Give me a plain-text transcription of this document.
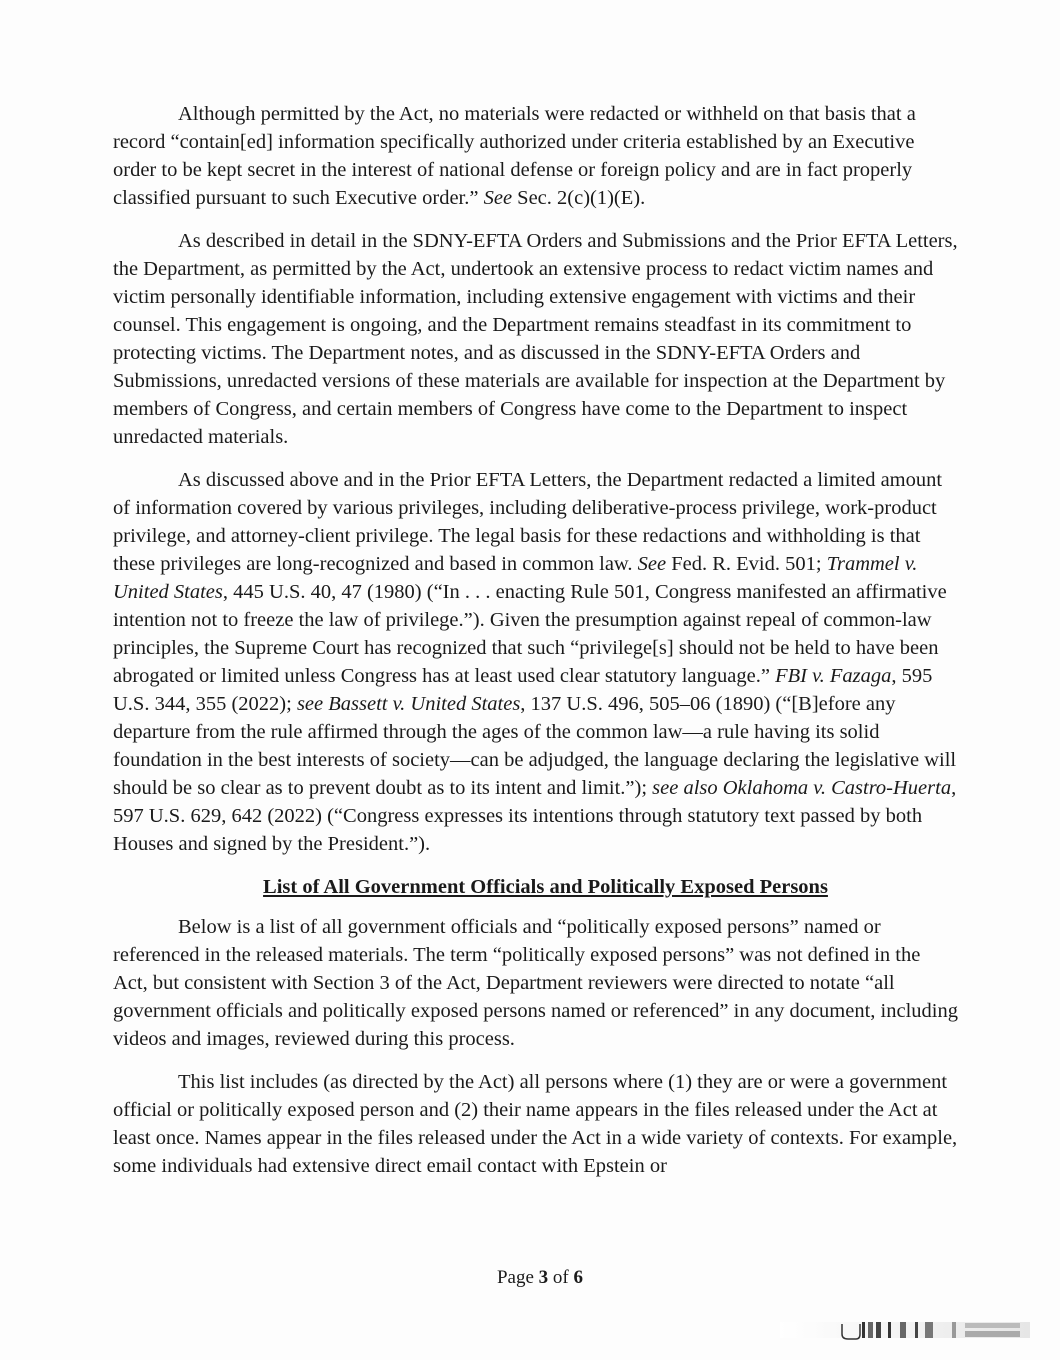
Although permitted by the Act, no materials were redacted or withheld on that basis that a record “contain[ed] information specifically authorized under criteria established by an Executive order to be kept secret in the interest of national defense or foreign policy and are in fact properly classified pursuant to such Executive order.” See Sec. 2(c)(1)(E).

As described in detail in the SDNY-EFTA Orders and Submissions and the Prior EFTA Letters, the Department, as permitted by the Act, undertook an extensive process to redact victim names and victim personally identifiable information, including extensive engagement with victims and their counsel. This engagement is ongoing, and the Department remains steadfast in its commitment to protecting victims. The Department notes, and as discussed in the SDNY-EFTA Orders and Submissions, unredacted versions of these materials are available for inspection at the Department by members of Congress, and certain members of Congress have come to the Department to inspect unredacted materials.

As discussed above and in the Prior EFTA Letters, the Department redacted a limited amount of information covered by various privileges, including deliberative-process privilege, work-product privilege, and attorney-client privilege. The legal basis for these redactions and withholding is that these privileges are long-recognized and based in common law. See Fed. R. Evid. 501; Trammel v. United States, 445 U.S. 40, 47 (1980) (“In . . . enacting Rule 501, Congress manifested an affirmative intention not to freeze the law of privilege.”). Given the presumption against repeal of common-law principles, the Supreme Court has recognized that such “privilege[s] should not be held to have been abrogated or limited unless Congress has at least used clear statutory language.” FBI v. Fazaga, 595 U.S. 344, 355 (2022); see Bassett v. United States, 137 U.S. 496, 505–06 (1890) (“[B]efore any departure from the rule affirmed through the ages of the common law—a rule having its solid foundation in the best interests of society—can be adjudged, the language declaring the legislative will should be so clear as to prevent doubt as to its intent and limit.”); see also Oklahoma v. Castro-Huerta, 597 U.S. 629, 642 (2022) (“Congress expresses its intentions through statutory text passed by both Houses and signed by the President.”).

List of All Government Officials and Politically Exposed Persons

Below is a list of all government officials and “politically exposed persons” named or referenced in the released materials. The term “politically exposed persons” was not defined in the Act, but consistent with Section 3 of the Act, Department reviewers were directed to notate “all government officials and politically exposed persons named or referenced” in any document, including videos and images, reviewed during this process.

This list includes (as directed by the Act) all persons where (1) they are or were a government official or politically exposed person and (2) their name appears in the files released under the Act at least once. Names appear in the files released under the Act in a wide variety of contexts. For example, some individuals had extensive direct email contact with Epstein or

Page 3 of 6
